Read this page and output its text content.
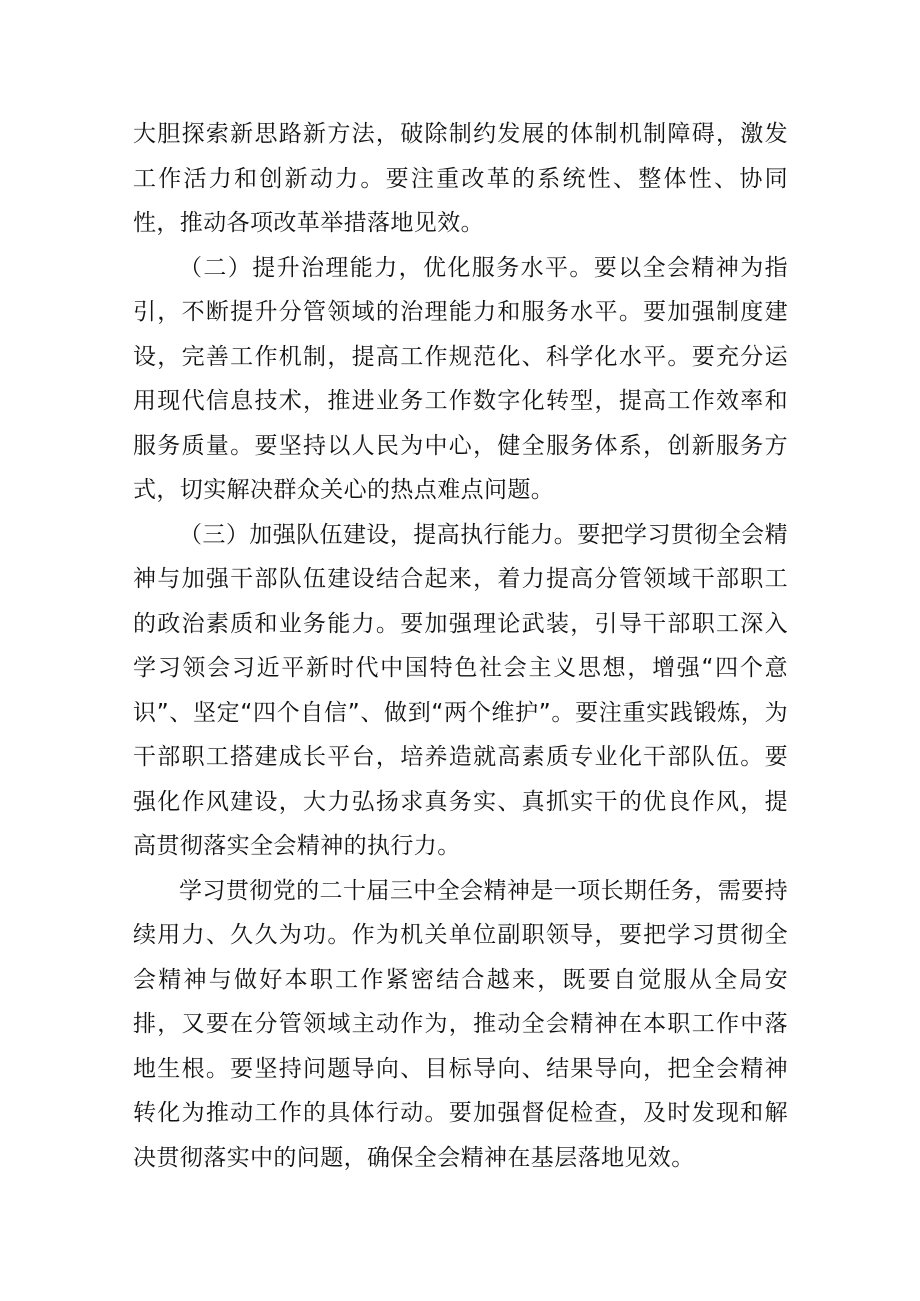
大胆探索新思路新方法，破除制约发展的体制机制障碍，激发工作活力和创新动力。要注重改革的系统性、整体性、协同性，推动各项改革举措落地见效。

（二）提升治理能力，优化服务水平。要以全会精神为指引，不断提升分管领域的治理能力和服务水平。要加强制度建设，完善工作机制，提高工作规范化、科学化水平。要充分运用现代信息技术，推进业务工作数字化转型，提高工作效率和服务质量。要坚持以人民为中心，健全服务体系，创新服务方式，切实解决群众关心的热点难点问题。

（三）加强队伍建设，提高执行能力。要把学习贯彻全会精神与加强干部队伍建设结合起来，着力提高分管领域干部职工的政治素质和业务能力。要加强理论武装，引导干部职工深入学习领会习近平新时代中国特色社会主义思想，增强“四个意识”、坚定“四个自信”、做到“两个维护”。要注重实践锻炼，为干部职工搭建成长平台，培养造就高素质专业化干部队伍。要强化作风建设，大力弘扬求真务实、真抓实干的优良作风，提高贯彻落实全会精神的执行力。

学习贯彻党的二十届三中全会精神是一项长期任务，需要持续用力、久久为功。作为机关单位副职领导，要把学习贯彻全会精神与做好本职工作紧密结合越来，既要自觉服从全局安排，又要在分管领域主动作为，推动全会精神在本职工作中落地生根。要坚持问题导向、目标导向、结果导向，把全会精神转化为推动工作的具体行动。要加强督促检查，及时发现和解决贯彻落实中的问题，确保全会精神在基层落地见效。
